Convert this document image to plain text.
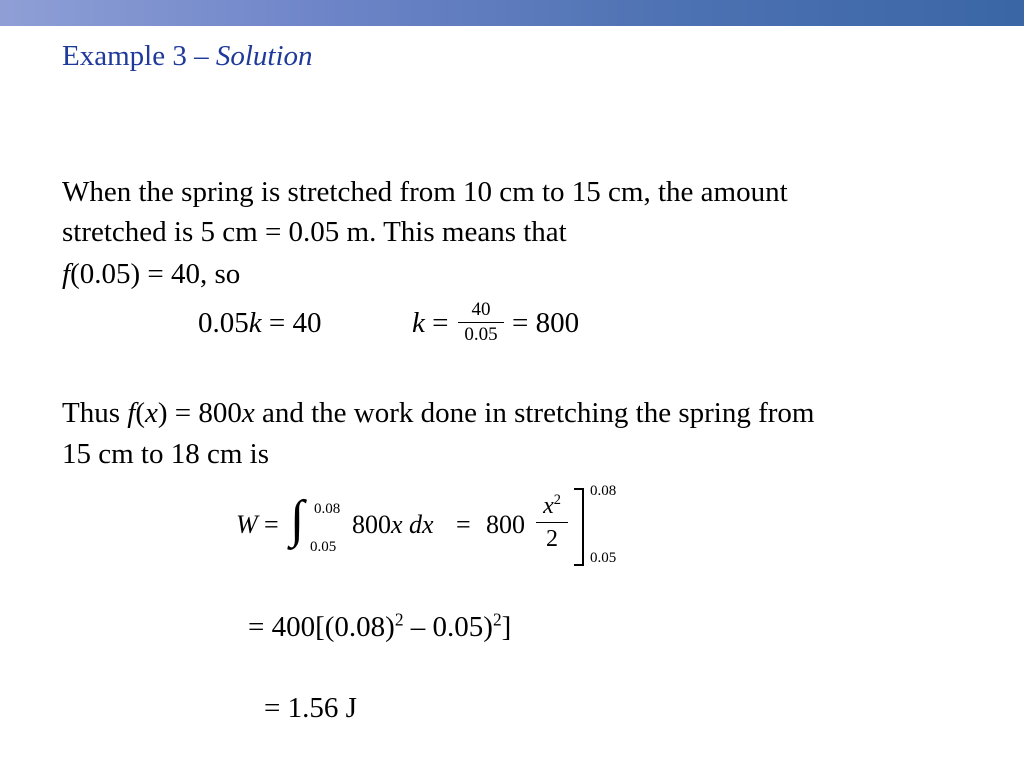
Example 3 – Solution
When the spring is stretched from 10 cm to 15 cm, the amount
stretched is 5 cm = 0.05 m. This means that
f(0.05) = 40, so
0.05k = 40	k =	40
0.05 = 800
Thus f(x) = 800x and the work done in stretching the spring from
15 cm to 18 cm is
W = ∫ 0.08
0.05
800x dx = 800
$x^2$
2
0.08
0.05
= $400[(0.08)^2 - 0.05)^2$]
= 1.56 J
